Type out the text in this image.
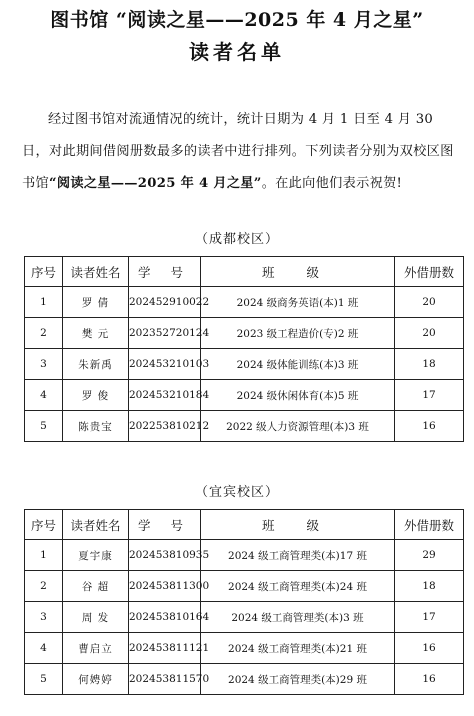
图书馆 “阅读之星——2025 年 4 月之星”
读者名单

经过图书馆对流通情况的统计，统计日期为 4 月 1 日至 4 月 30 日，对此期间借阅册数最多的读者中进行排列。下列读者分别为双校区图书馆“阅读之星——2025 年 4 月之星”。在此向他们表示祝贺!

（成都校区）
序号	读者姓名	学 号	班 级	外借册数
1	罗 倩	202452910022	2024 级商务英语(本)1 班	20
2	樊 元	202352720124	2023 级工程造价(专)2 班	20
3	朱新禹	202453210103	2024 级体能训练(本)3 班	18
4	罗 俊	202453210184	2024 级休闲体育(本)5 班	17
5	陈贵宝	202253810212	2022 级人力资源管理(本)3 班	16
（宜宾校区）
序号	读者姓名	学 号	班 级	外借册数
1	夏宇康	202453810935	2024 级工商管理类(本)17 班	29
2	谷 超	202453811300	2024 级工商管理类(本)24 班	18
3	周 发	202453810164	2024 级工商管理类(本)3 班	17
4	曹启立	202453811121	2024 级工商管理类(本)21 班	16
5	何娉婷	202453811570	2024 级工商管理类(本)29 班	16
